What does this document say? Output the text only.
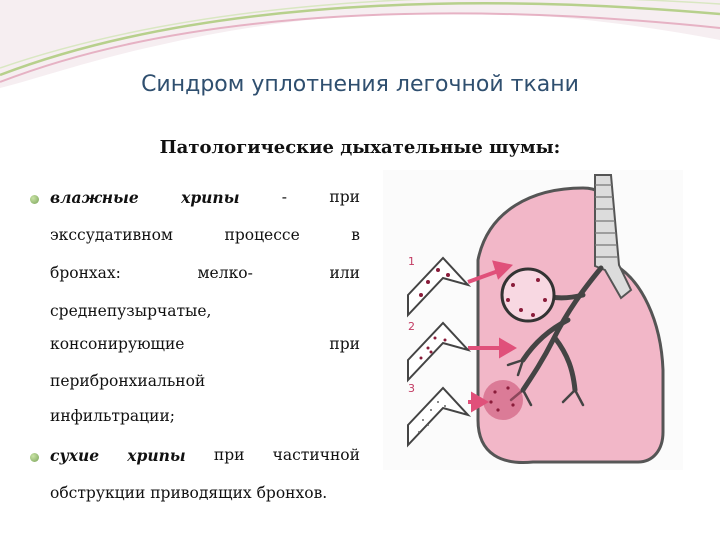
Синдром уплотнения легочной ткани
Патологические дыхательные шумы:
влажные	хрипы	-	при
экссудативном	процессе	в
бронхах:	мелко-	или
среднепузырчатые,
консонирующие	при
перибронхиальной
инфильтрации;
сухие хрипы при частичной
обструкции приводящих бронхов.
1
2
3
